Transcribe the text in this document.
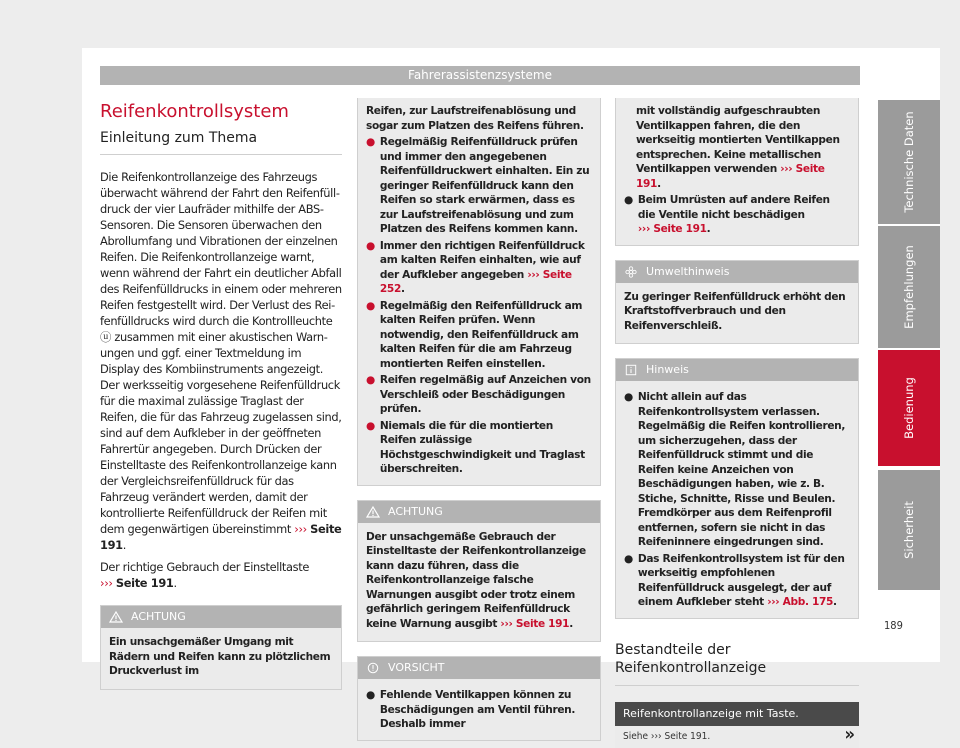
Fahrerassistenzsysteme
Reifenkontrollsystem
Einleitung zum Thema

Die Reifenkontrollanzeige des Fahrzeugs überwacht während der Fahrt den Reifenfülldruck der vier Laufräder mithilfe der ABS-Sensoren. Die Sensoren überwachen den Abrollumfang und Vibrationen der einzelnen Reifen. Die Reifenkontrollanzeige warnt, wenn während der Fahrt ein deutlicher Abfall des Reifenfülldrucks in einem oder mehreren Reifen festgestellt wird. Der Verlust des Reifenfülldrucks wird durch die Kontrollleuchte ⓤ zusammen mit einer akustischen Warnungen und ggf. einer Textmeldung im Display des Kombiinstruments angezeigt. Der werksseitig vorgesehene Reifenfülldruck für die maximal zulässige Traglast der Reifen, die für das Fahrzeug zugelassen sind, sind auf dem Aufkleber in der geöffneten Fahrertür angegeben. Durch Drücken der Einstelltaste des Reifenkontrollanzeige kann der Vergleichsreifenfülldruck für das Fahrzeug verändert werden, damit der kontrollierte Reifenfülldruck der Reifen mit dem gegenwärtigen übereinstimmt ››› Seite 191.

Der richtige Gebrauch der Einstelltaste ››› Seite 191.

ACHTUNG

Ein unsachgemäßer Umgang mit Rädern und Reifen kann zu plötzlichem Druckverlust im

Reifen, zur Laufstreifenablösung und sogar zum Platzen des Reifens führen.

● Regelmäßig Reifenfülldruck prüfen und immer den angegebenen Reifenfülldruckwert einhalten. Ein zu geringer Reifenfülldruck kann den Reifen so stark erwärmen, dass es zur Laufstreifenablösung und zum Platzen des Reifens kommen kann.
● Immer den richtigen Reifenfülldruck am kalten Reifen einhalten, wie auf der Aufkleber angegeben ››› Seite 252.
● Regelmäßig den Reifenfülldruck am kalten Reifen prüfen. Wenn notwendig, den Reifenfülldruck am kalten Reifen für die am Fahrzeug montierten Reifen einstellen.
● Reifen regelmäßig auf Anzeichen von Verschleiß oder Beschädigungen prüfen.
● Niemals die für die montierten Reifen zulässige Höchstgeschwindigkeit und Traglast überschreiten.
ACHTUNG

Der unsachgemäße Gebrauch der Einstelltaste der Reifenkontrollanzeige kann dazu führen, dass die Reifenkontrollanzeige falsche Warnungen ausgibt oder trotz einem gefährlich geringem Reifenfülldruck keine Warnung ausgibt ››› Seite 191.

VORSICHT
● Fehlende Ventilkappen können zu Beschädigungen am Ventil führen. Deshalb immer

mit vollständig aufgeschraubten Ventilkappen fahren, die den werkseitig montierten Ventilkappen entsprechen. Keine metallischen Ventilkappen verwenden ››› Seite 191.

● Beim Umrüsten auf andere Reifen die Ventile nicht beschädigen ››› Seite 191.
Umwelthinweis

Zu geringer Reifenfülldruck erhöht den Kraftstoffverbrauch und den Reifenverschleiß.

Hinweis
● Nicht allein auf das Reifenkontrollsystem verlassen. Regelmäßig die Reifen kontrollieren, um sicherzugehen, dass der Reifenfülldruck stimmt und die Reifen keine Anzeichen von Beschädigungen haben, wie z. B. Stiche, Schnitte, Risse und Beulen. Fremdkörper aus dem Reifenprofil entfernen, sofern sie nicht in das Reifeninnere eingedrungen sind.
● Das Reifenkontrollsystem ist für den werkseitig empfohlenen Reifenfülldruck ausgelegt, der auf einem Aufkleber steht ››› Abb. 175.
Bestandteile der Reifenkontrollanzeige
Reifenkontrollanzeige mit Taste.
Siehe ››› Seite 191.	»
Technische Daten
Empfehlungen
Bedienung
Sicherheit
189
